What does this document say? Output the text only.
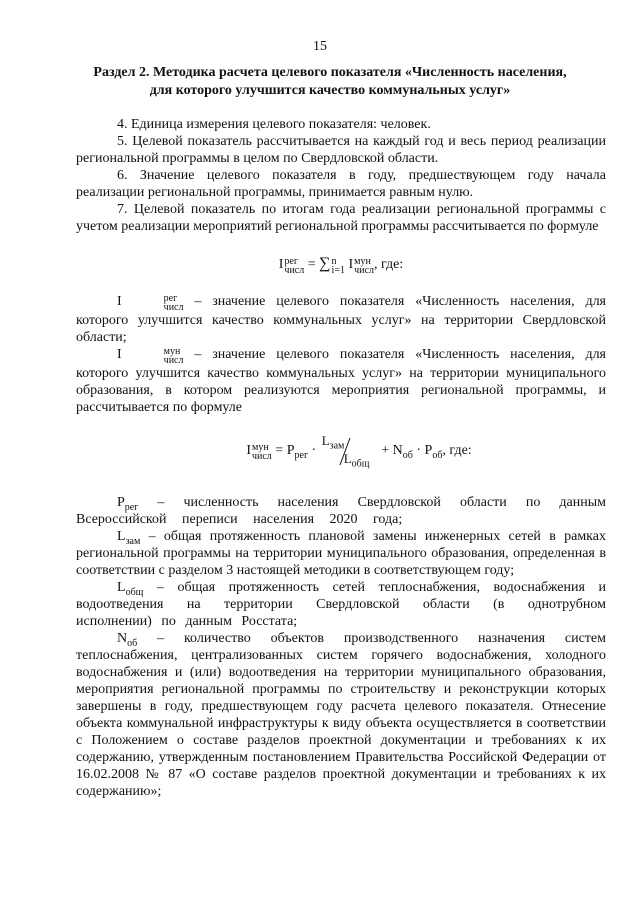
15
Раздел 2. Методика расчета целевого показателя «Численность населения,
для которого улучшится качество коммунальных услуг»

4. Единица измерения целевого показателя: человек.

5. Целевой показатель рассчитывается на каждый год и весь период реализации региональной программы в целом по Свердловской области.

6. Значение целевого показателя в году, предшествующем году начала реализации региональной программы, принимается равным нулю.

7. Целевой показатель по итогам года реализации региональной программы с учетом реализации мероприятий региональной программы рассчитывается по формуле

I рег
числ = ∑ n
i=1 I мун
числ , где:

I	рег
числ – значение целевого показателя «Численность населения, для которого улучшится качество коммунальных услуг» на территории Свердловской области;

I	мун
числ – значение целевого показателя «Численность населения, для которого улучшится качество коммунальных услуг» на территории муниципального образования, в котором реализуются мероприятия региональной программы, и рассчитывается по формуле

I мун
числ = $P_{рег}$ ·
$L_{зам}$
$L_{общ}$
+ $N_{об} \cdot P_{об}$, где:

$P_{рег}$ – численность населения Свердловской области по данным Всероссийской переписи населения 2020 года;

$L_{зам}$ – общая протяженность плановой замены инженерных сетей в рамках региональной программы на территории муниципального образования, определенная в соответствии с разделом 3 настоящей методики в соответствующем году;

$L_{общ}$ – общая протяженность сетей теплоснабжения, водоснабжения и водоотведения на территории Свердловской области (в однотрубном исполнении) по данным Росстата;

$N_{об}$ – количество объектов производственного назначения систем теплоснабжения, централизованных систем горячего водоснабжения, холодного водоснабжения и (или) водоотведения на территории муниципального образования, мероприятия региональной программы по строительству и реконструкции которых завершены в году, предшествующем году расчета целевого показателя. Отнесение объекта коммунальной инфраструктуры к виду объекта осуществляется в соответствии с Положением о составе разделов проектной документации и требованиях к их содержанию, утвержденным постановлением Правительства Российской Федерации от 16.02.2008 № 87 «О составе разделов проектной документации и требованиях к их содержанию»;
